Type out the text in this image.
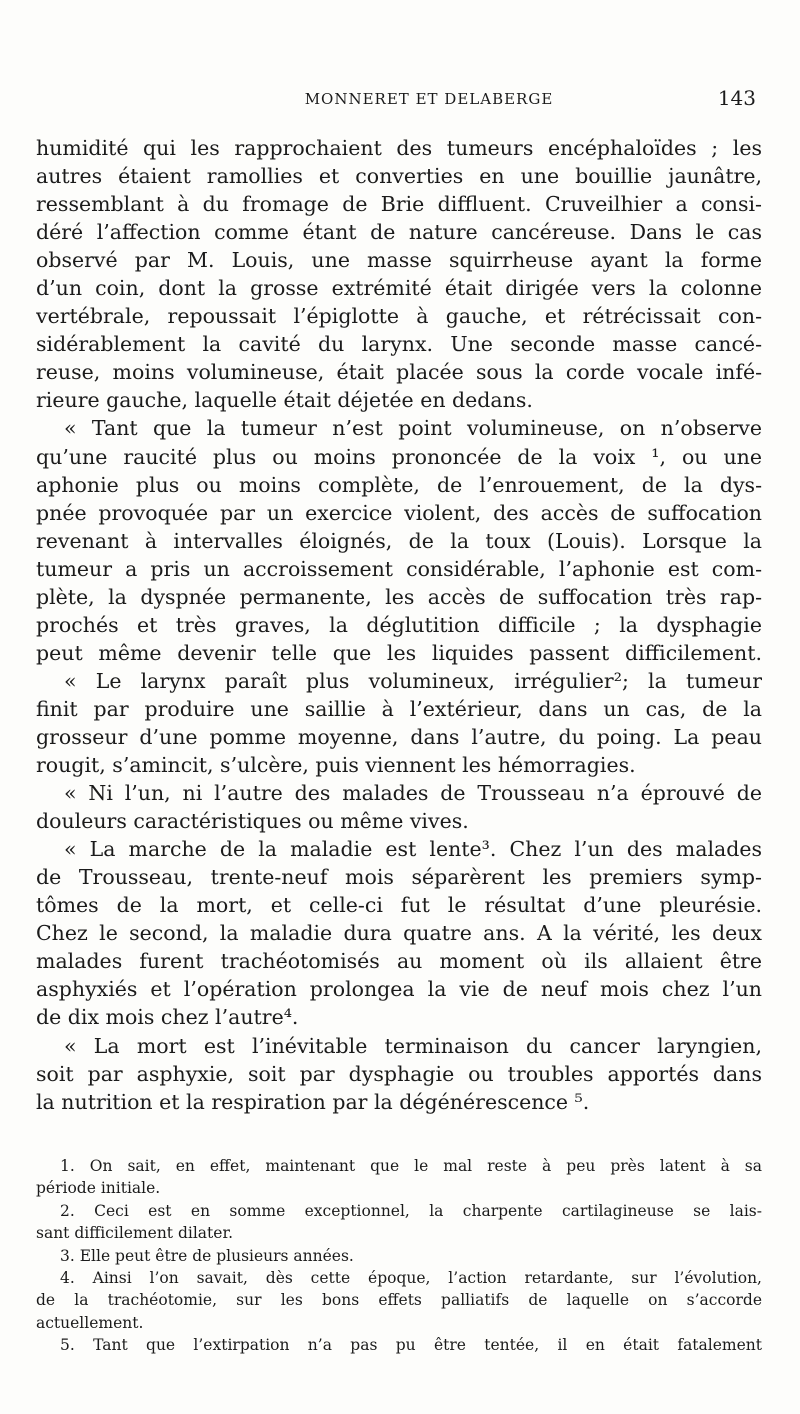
MONNERET ET DELABERGE	143
humidité qui les rapprochaient des tumeurs encéphaloïdes ; les
autres étaient ramollies et converties en une bouillie jaunâtre,
ressemblant à du fromage de Brie diffluent. Cruveilhier a consi-
déré l’affection comme étant de nature cancéreuse. Dans le cas
observé par M. Louis, une masse squirrheuse ayant la forme
d’un coin, dont la grosse extrémité était dirigée vers la colonne
vertébrale, repoussait l’épiglotte à gauche, et rétrécissait con-
sidérablement la cavité du larynx. Une seconde masse cancé-
reuse, moins volumineuse, était placée sous la corde vocale infé-
rieure gauche, laquelle était déjetée en dedans.
« Tant que la tumeur n’est point volumineuse, on n’observe
qu’une raucité plus ou moins prononcée de la voix ¹, ou une
aphonie plus ou moins complète, de l’enrouement, de la dys-
pnée provoquée par un exercice violent, des accès de suffocation
revenant à intervalles éloignés, de la toux (Louis). Lorsque la
tumeur a pris un accroissement considérable, l’aphonie est com-
plète, la dyspnée permanente, les accès de suffocation très rap-
prochés et très graves, la déglutition difficile ; la dysphagie
peut même devenir telle que les liquides passent difficilement.
« Le larynx paraît plus volumineux, irrégulier²; la tumeur
finit par produire une saillie à l’extérieur, dans un cas, de la
grosseur d’une pomme moyenne, dans l’autre, du poing. La peau
rougit, s’amincit, s’ulcère, puis viennent les hémorragies.
« Ni l’un, ni l’autre des malades de Trousseau n’a éprouvé de
douleurs caractéristiques ou même vives.
« La marche de la maladie est lente³. Chez l’un des malades
de Trousseau, trente-neuf mois séparèrent les premiers symp-
tômes de la mort, et celle-ci fut le résultat d’une pleurésie.
Chez le second, la maladie dura quatre ans. A la vérité, les deux
malades furent trachéotomisés au moment où ils allaient être
asphyxiés et l’opération prolongea la vie de neuf mois chez l’un
de dix mois chez l’autre⁴.
« La mort est l’inévitable terminaison du cancer laryngien,
soit par asphyxie, soit par dysphagie ou troubles apportés dans
la nutrition et la respiration par la dégénérescence ⁵.
1. On sait, en effet, maintenant que le mal reste à peu près latent à sa
période initiale.
2. Ceci est en somme exceptionnel, la charpente cartilagineuse se lais-
sant difficilement dilater.
3. Elle peut être de plusieurs années.
4. Ainsi l’on savait, dès cette époque, l’action retardante, sur l’évolution,
de la trachéotomie, sur les bons effets palliatifs de laquelle on s’accorde
actuellement.
5. Tant que l’extirpation n’a pas pu être tentée, il en était fatalement
